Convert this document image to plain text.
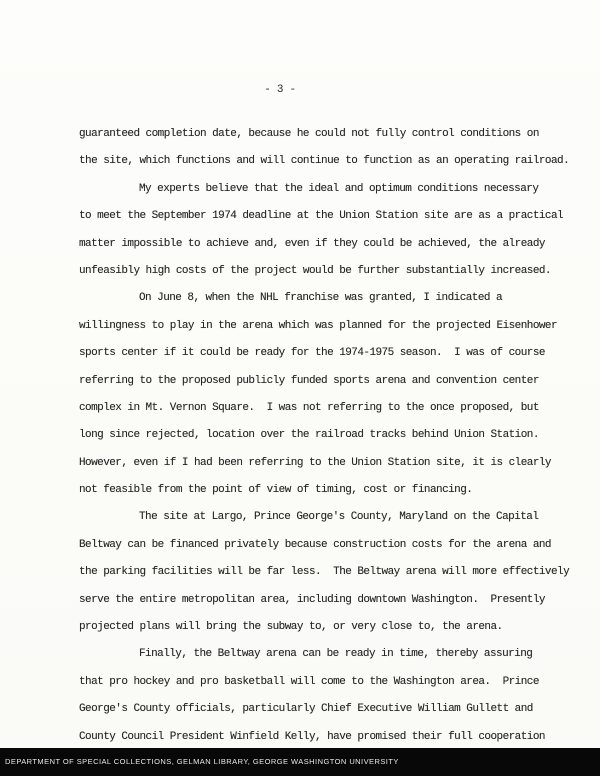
- 3 -
guaranteed completion date, because he could not fully control conditions on
the site, which functions and will continue to function as an operating railroad.
My experts believe that the ideal and optimum conditions necessary
to meet the September 1974 deadline at the Union Station site are as a practical
matter impossible to achieve and, even if they could be achieved, the already
unfeasibly high costs of the project would be further substantially increased.
On June 8, when the NHL franchise was granted, I indicated a
willingness to play in the arena which was planned for the projected Eisenhower
sports center if it could be ready for the 1974-1975 season.  I was of course
referring to the proposed publicly funded sports arena and convention center
complex in Mt. Vernon Square.  I was not referring to the once proposed, but
long since rejected, location over the railroad tracks behind Union Station.
However, even if I had been referring to the Union Station site, it is clearly
not feasible from the point of view of timing, cost or financing.
The site at Largo, Prince George's County, Maryland on the Capital
Beltway can be financed privately because construction costs for the arena and
the parking facilities will be far less.  The Beltway arena will more effectively
serve the entire metropolitan area, including downtown Washington.  Presently
projected plans will bring the subway to, or very close to, the arena.
Finally, the Beltway arena can be ready in time, thereby assuring
that pro hockey and pro basketball will come to the Washington area.  Prince
George's County officials, particularly Chief Executive William Gullett and
County Council President Winfield Kelly, have promised their full cooperation
DEPARTMENT OF SPECIAL COLLECTIONS, GELMAN LIBRARY, GEORGE WASHINGTON UNIVERSITY
